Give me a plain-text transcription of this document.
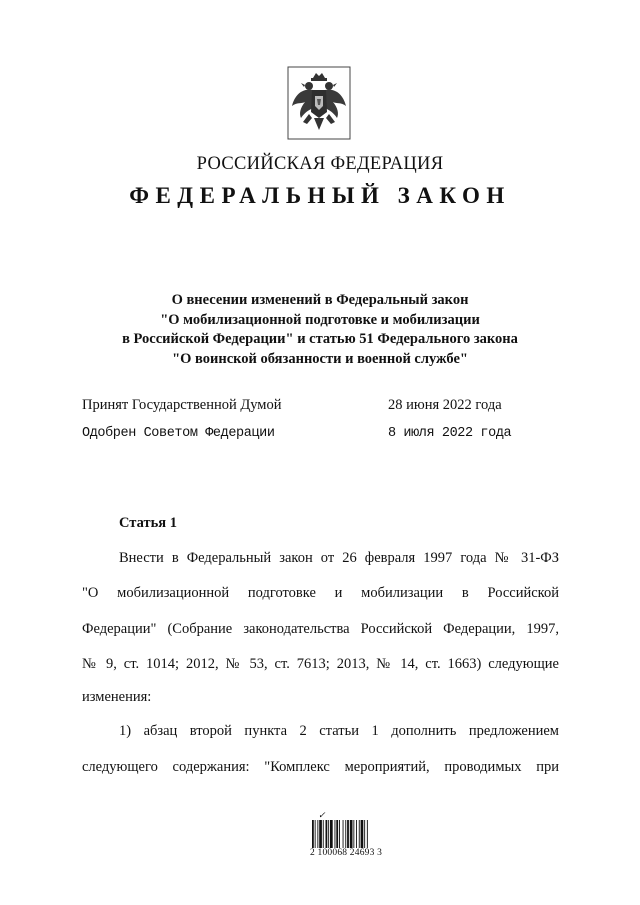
РОССИЙСКАЯ ФЕДЕРАЦИЯ
ФЕДЕРАЛЬНЫЙ ЗАКОН
О внесении изменений в Федеральный закон
"О мобилизационной подготовке и мобилизации
в Российской Федерации" и статью 51 Федерального закона
"О воинской обязанности и военной службе"
Принят Государственной Думой	28 июня 2022 года
Одобрен Советом Федерации	8 июля 2022 года
Статья 1
Внести в Федеральный закон от 26 февраля 1997 года № 31-ФЗ
"О мобилизационной подготовке и мобилизации в Российской
Федерации" (Собрание законодательства Российской Федерации, 1997,
№ 9, ст. 1014; 2012, № 53, ст. 7613; 2013, № 14, ст. 1663) следующие
изменения:
1) абзац второй пункта 2 статьи 1 дополнить предложением
следующего содержания: "Комплекс мероприятий, проводимых при
✓
2 100068 24693 3
